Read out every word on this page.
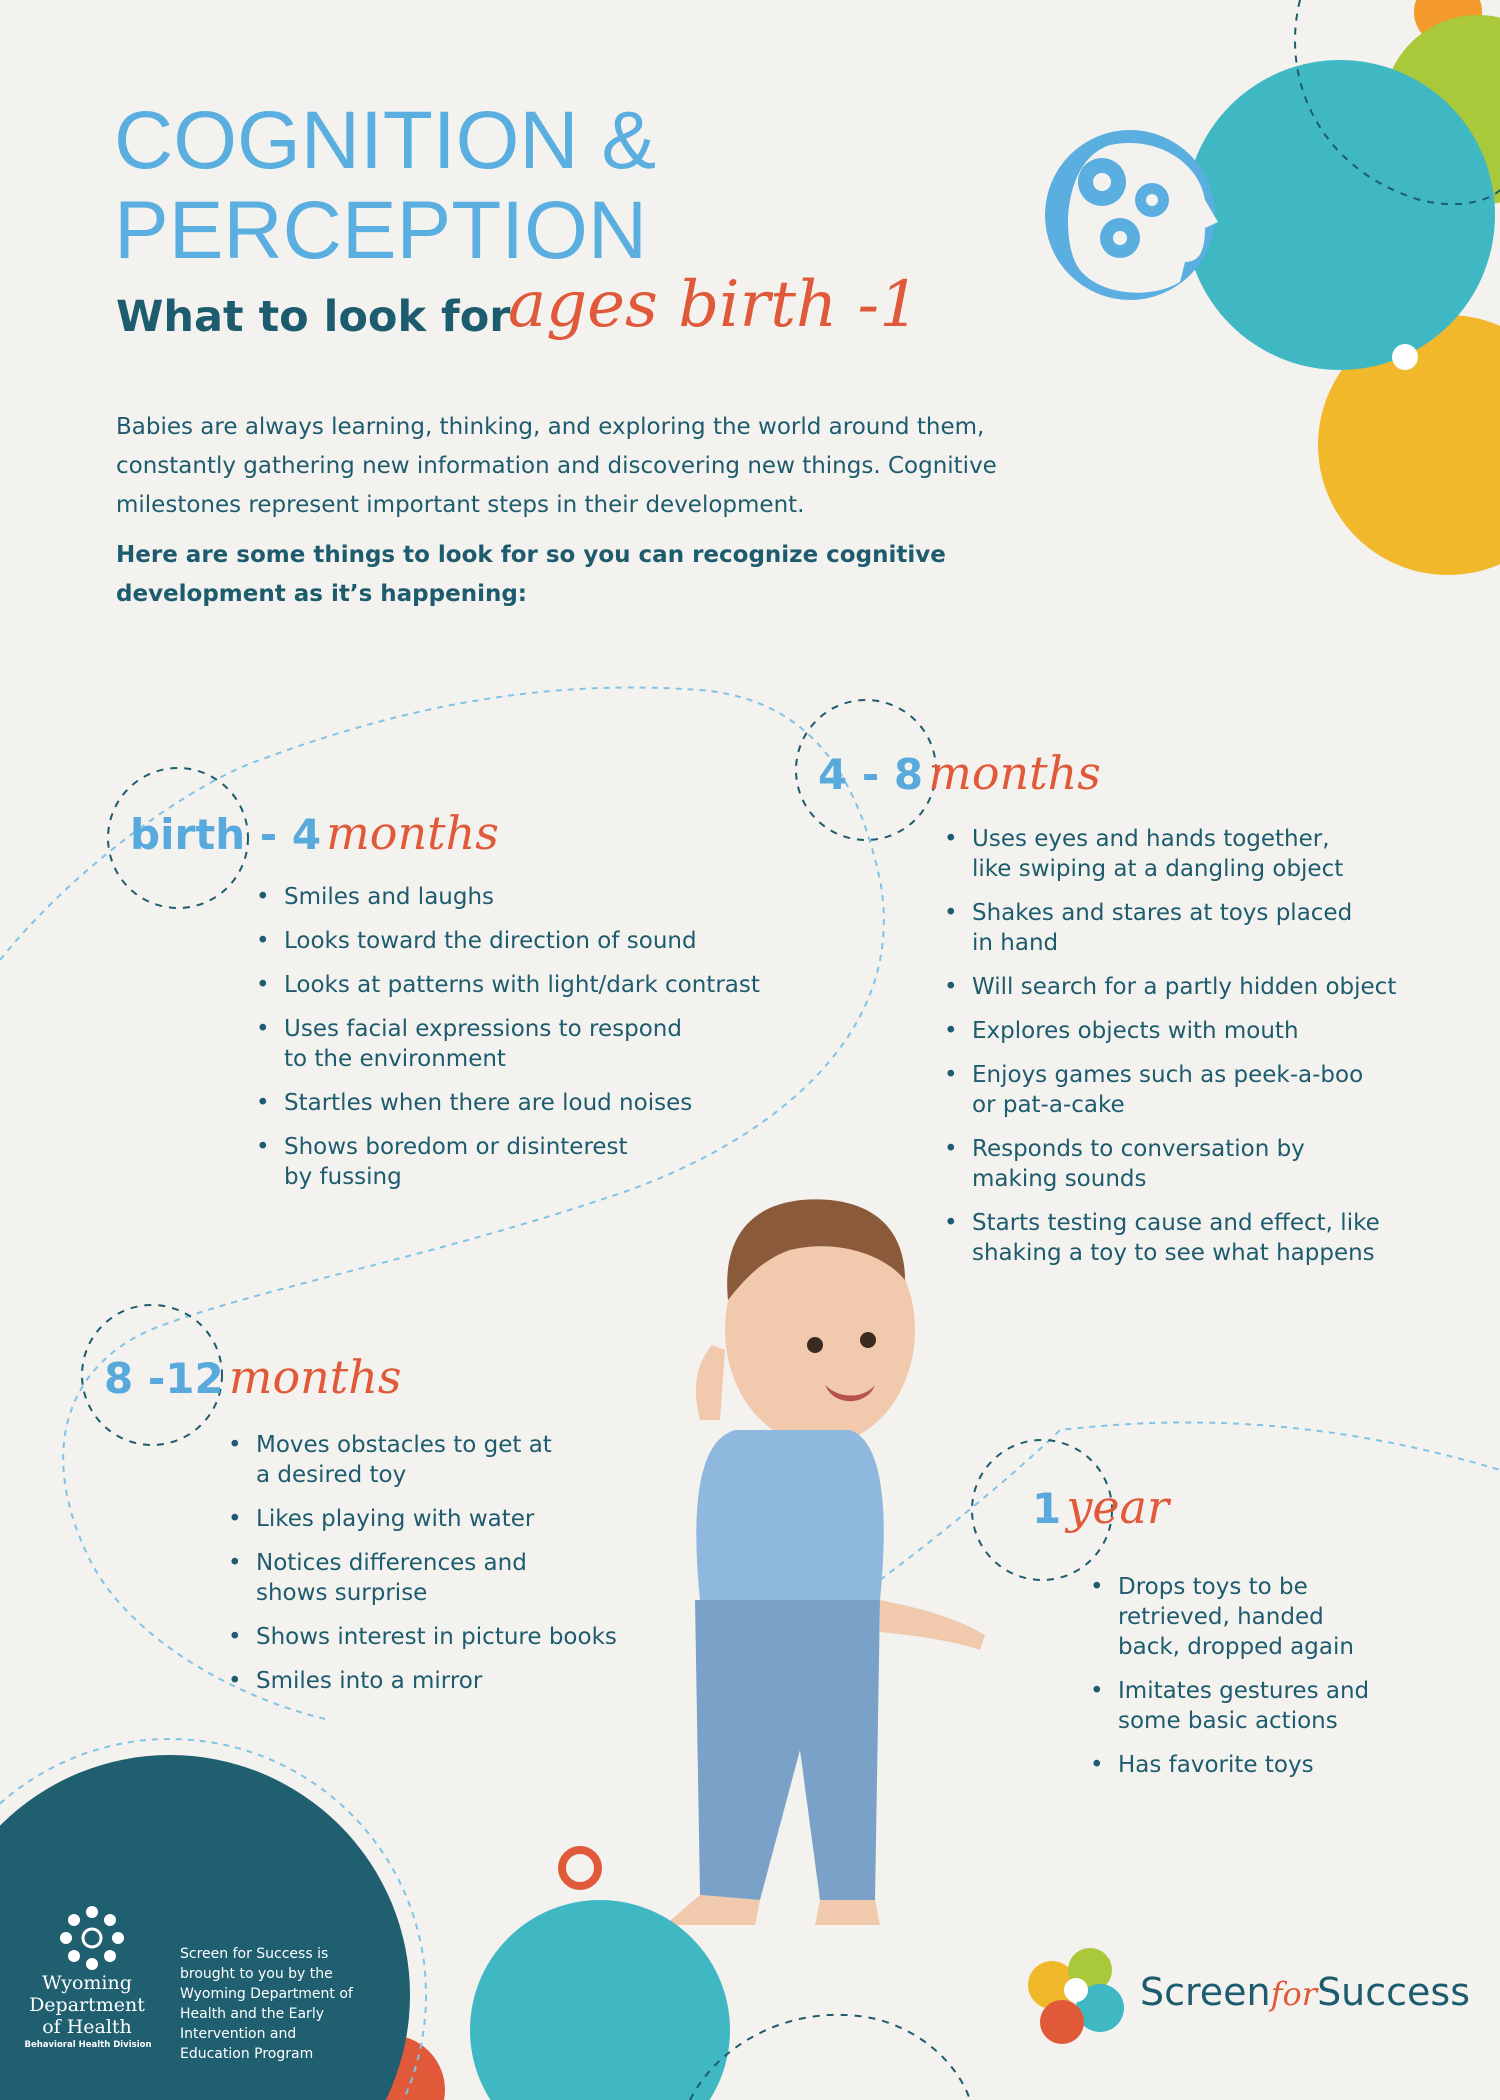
COGNITION &
PERCEPTION
What to look for
ages birth -1
Babies are always learning, thinking, and exploring the world around them, constantly gathering new information and discovering new things. Cognitive milestones represent important steps in their development.
Here are some things to look for so you can recognize cognitive development as it’s happening:
birth - 4 months
• Smiles and laughs
• Looks toward the direction of sound
• Looks at patterns with light/dark contrast
• Uses facial expressions to respond to the environment
• Startles when there are loud noises
• Shows boredom or disinterest by fussing
4 - 8 months
• Uses eyes and hands together, like swiping at a dangling object
• Shakes and stares at toys placed in hand
• Will search for a partly hidden object
• Explores objects with mouth
• Enjoys games such as peek-a-boo or pat-a-cake
• Responds to conversation by making sounds
• Starts testing cause and effect, like shaking a toy to see what happens
8 -12 months
• Moves obstacles to get at a desired toy
• Likes playing with water
• Notices differences and shows surprise
• Shows interest in picture books
• Smiles into a mirror
1 year
• Drops toys to be retrieved, handed back, dropped again
• Imitates gestures and some basic actions
• Has favorite toys
Wyoming Department of Health
Behavioral Health Division
Screen for Success is brought to you by the Wyoming Department of Health and the Early Intervention and Education Program
ScreenforSuccess
